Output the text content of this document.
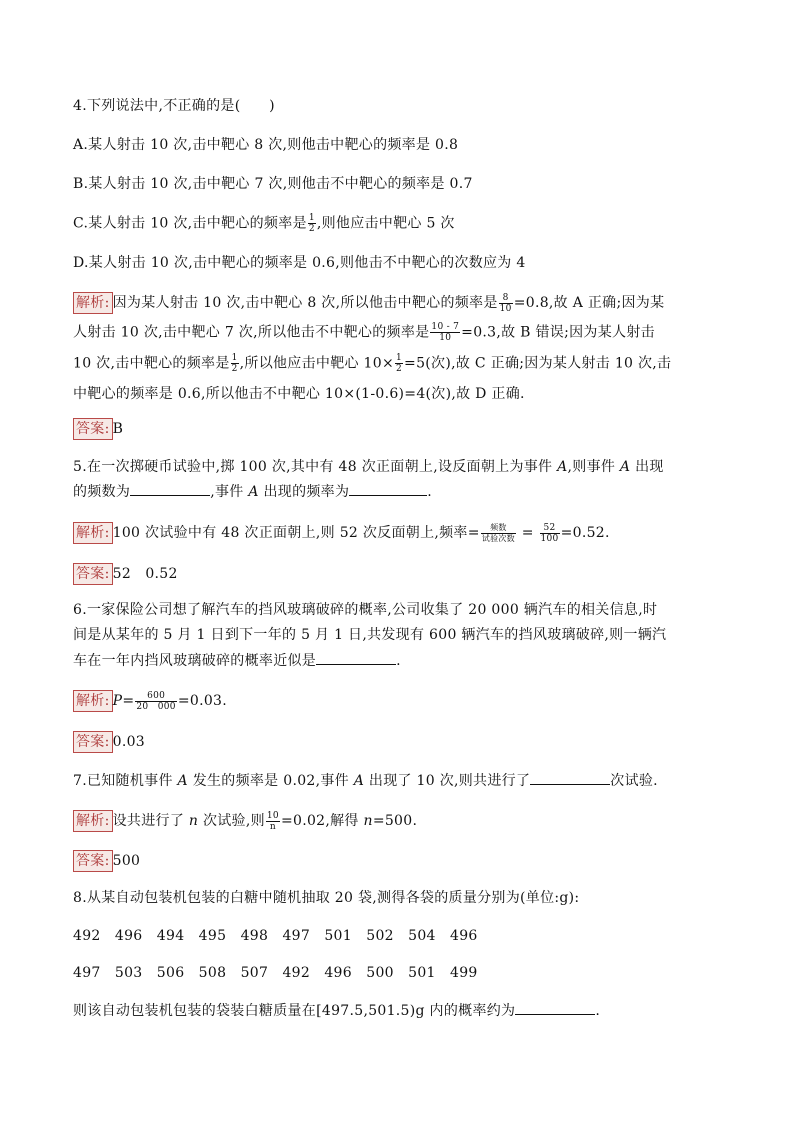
4.下列说法中,不正确的是(　　)
A.某人射击 10 次,击中靶心 8 次,则他击中靶心的频率是 0.8
B.某人射击 10 次,击中靶心 7 次,则他击不中靶心的频率是 0.7
C.某人射击 10 次,击中靶心的频率是 $\frac{1}{2}$ ,则他应击中靶心 5 次
D.某人射击 10 次,击中靶心的频率是 0.6,则他击不中靶心的次数应为 4
解析: 因为某人射击 10 次,击中靶心 8 次,所以他击中靶心的频率是 $\frac{8}{10} =0.8$,故 A 正确;因为某
人射击 10 次,击中靶心 7 次,所以他击不中靶心的频率是 $\frac{10 - 7}{10} =0.3$,故 B 错误;因为某人射击
10 次,击中靶心的频率是 $\frac{1}{2}$ ,所以他应击中靶心 $10\times \frac{1}{2} =5$(次),故 C 正确;因为某人射击 10 次,击
中靶心的频率是 0.6,所以他击不中靶心 10×(1-0.6)=4(次),故 D 正确.
答案: B
5.在一次掷硬币试验中,掷 100 次,其中有 48 次正面朝上,设反面朝上为事件 A,则事件 A 出现
的频数为	,事件 A 出现的频率为	.
解析: 100 次试验中有 48 次正面朝上,则 52 次反面朝上,频率= $\frac{\text{频数}}{\text{试验次数}} = \frac{52}{100} =0.52$.
答案: 52　0.52
6.一家保险公司想了解汽车的挡风玻璃破碎的概率,公司收集了 20 000 辆汽车的相关信息,时
间是从某年的 5 月 1 日到下一年的 5 月 1 日,共发现有 600 辆汽车的挡风玻璃破碎,则一辆汽
车在一年内挡风玻璃破碎的概率近似是	.
解析: $P= \frac{600}{20 000} =0.03$.
答案: 0.03
7.已知随机事件 A 发生的频率是 0.02,事件 A 出现了 10 次,则共进行了	次试验.
解析: 设共进行了 n 次试验,则 $\frac{10}{n} =0.02$,解得 n=500.
答案: 500
8.从某自动包装机包装的白糖中随机抽取 20 袋,测得各袋的质量分别为(单位:g):
492 496 494 495 498 497 501 502 504 496
497 503 506 508 507 492 496 500 501 499
则该自动包装机包装的袋装白糖质量在[497.5,501.5)g 内的概率约为	.
